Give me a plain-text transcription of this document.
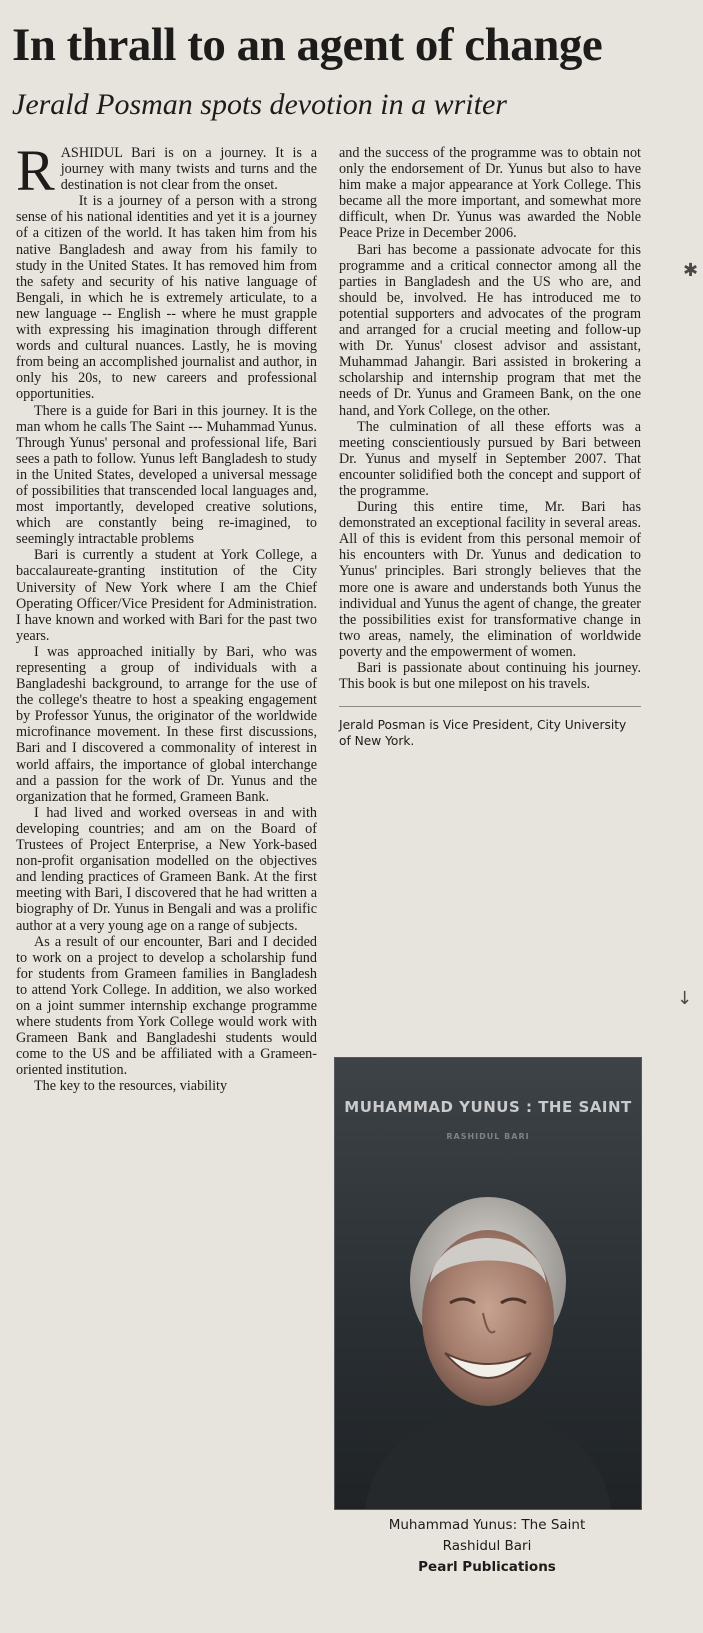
In thrall to an agent of change
Jerald Posman spots devotion in a writer

RASHIDUL Bari is on a journey. It is a journey with many twists and turns and the destination is not clear from the onset.

It is a journey of a person with a strong sense of his national identities and yet it is a journey of a citizen of the world. It has taken him from his native Bangladesh and away from his family to study in the United States. It has removed him from the safety and security of his native language of Bengali, in which he is extremely articulate, to a new language -- English -- where he must grapple with expressing his imagination through different words and cultural nuances. Lastly, he is moving from being an accomplished journalist and author, in only his 20s, to new careers and professional opportunities.

There is a guide for Bari in this journey. It is the man whom he calls The Saint --- Muhammad Yunus. Through Yunus' personal and professional life, Bari sees a path to follow. Yunus left Bangladesh to study in the United States, developed a universal message of possibilities that transcended local languages and, most importantly, developed creative solutions, which are constantly being re-imagined, to seemingly intractable problems

Bari is currently a student at York College, a baccalaureate-granting institution of the City University of New York where I am the Chief Operating Officer/Vice President for Administration. I have known and worked with Bari for the past two years.

I was approached initially by Bari, who was representing a group of individuals with a Bangladeshi background, to arrange for the use of the college's theatre to host a speaking engagement by Professor Yunus, the originator of the worldwide microfinance movement. In these first discussions, Bari and I discovered a commonality of interest in world affairs, the importance of global interchange and a passion for the work of Dr. Yunus and the organization that he formed, Grameen Bank.

I had lived and worked overseas in and with developing countries; and am on the Board of Trustees of Project Enterprise, a New York-based non-profit organisation modelled on the objectives and lending practices of Grameen Bank. At the first meeting with Bari, I discovered that he had written a biography of Dr. Yunus in Bengali and was a prolific author at a very young age on a range of subjects.

As a result of our encounter, Bari and I decided to work on a project to develop a scholarship fund for students from Grameen families in Bangladesh to attend York College. In addition, we also worked on a joint summer internship exchange programme where students from York College would work with Grameen Bank and Bangladeshi students would come to the US and be affiliated with a Grameen-oriented institution.

The key to the resources, viability

and the success of the programme was to obtain not only the endorsement of Dr. Yunus but also to have him make a major appearance at York College. This became all the more important, and somewhat more difficult, when Dr. Yunus was awarded the Noble Peace Prize in December 2006.

Bari has become a passionate advocate for this programme and a critical connector among all the parties in Bangladesh and the US who are, and should be, involved. He has introduced me to potential supporters and advocates of the program and arranged for a crucial meeting and follow-up with Dr. Yunus' closest advisor and assistant, Muhammad Jahangir. Bari assisted in brokering a scholarship and internship program that met the needs of Dr. Yunus and Grameen Bank, on the one hand, and York College, on the other.

The culmination of all these efforts was a meeting conscientiously pursued by Bari between Dr. Yunus and myself in September 2007. That encounter solidified both the concept and support of the programme.

During this entire time, Mr. Bari has demonstrated an exceptional facility in several areas. All of this is evident from this personal memoir of his encounters with Dr. Yunus and dedication to Yunus' principles. Bari strongly believes that the more one is aware and understands both Yunus the individual and Yunus the agent of change, the greater the possibilities exist for transformative change in two areas, namely, the elimination of worldwide poverty and the empowerment of women.

Bari is passionate about continuing his journey. This book is but one milepost on his travels.

Jerald Posman is Vice President, City University of New York.
MUHAMMAD YUNUS : THE SAINT
RASHIDUL BARI
Muhammad Yunus: The Saint
Rashidul Bari
Pearl Publications
✱
↓
